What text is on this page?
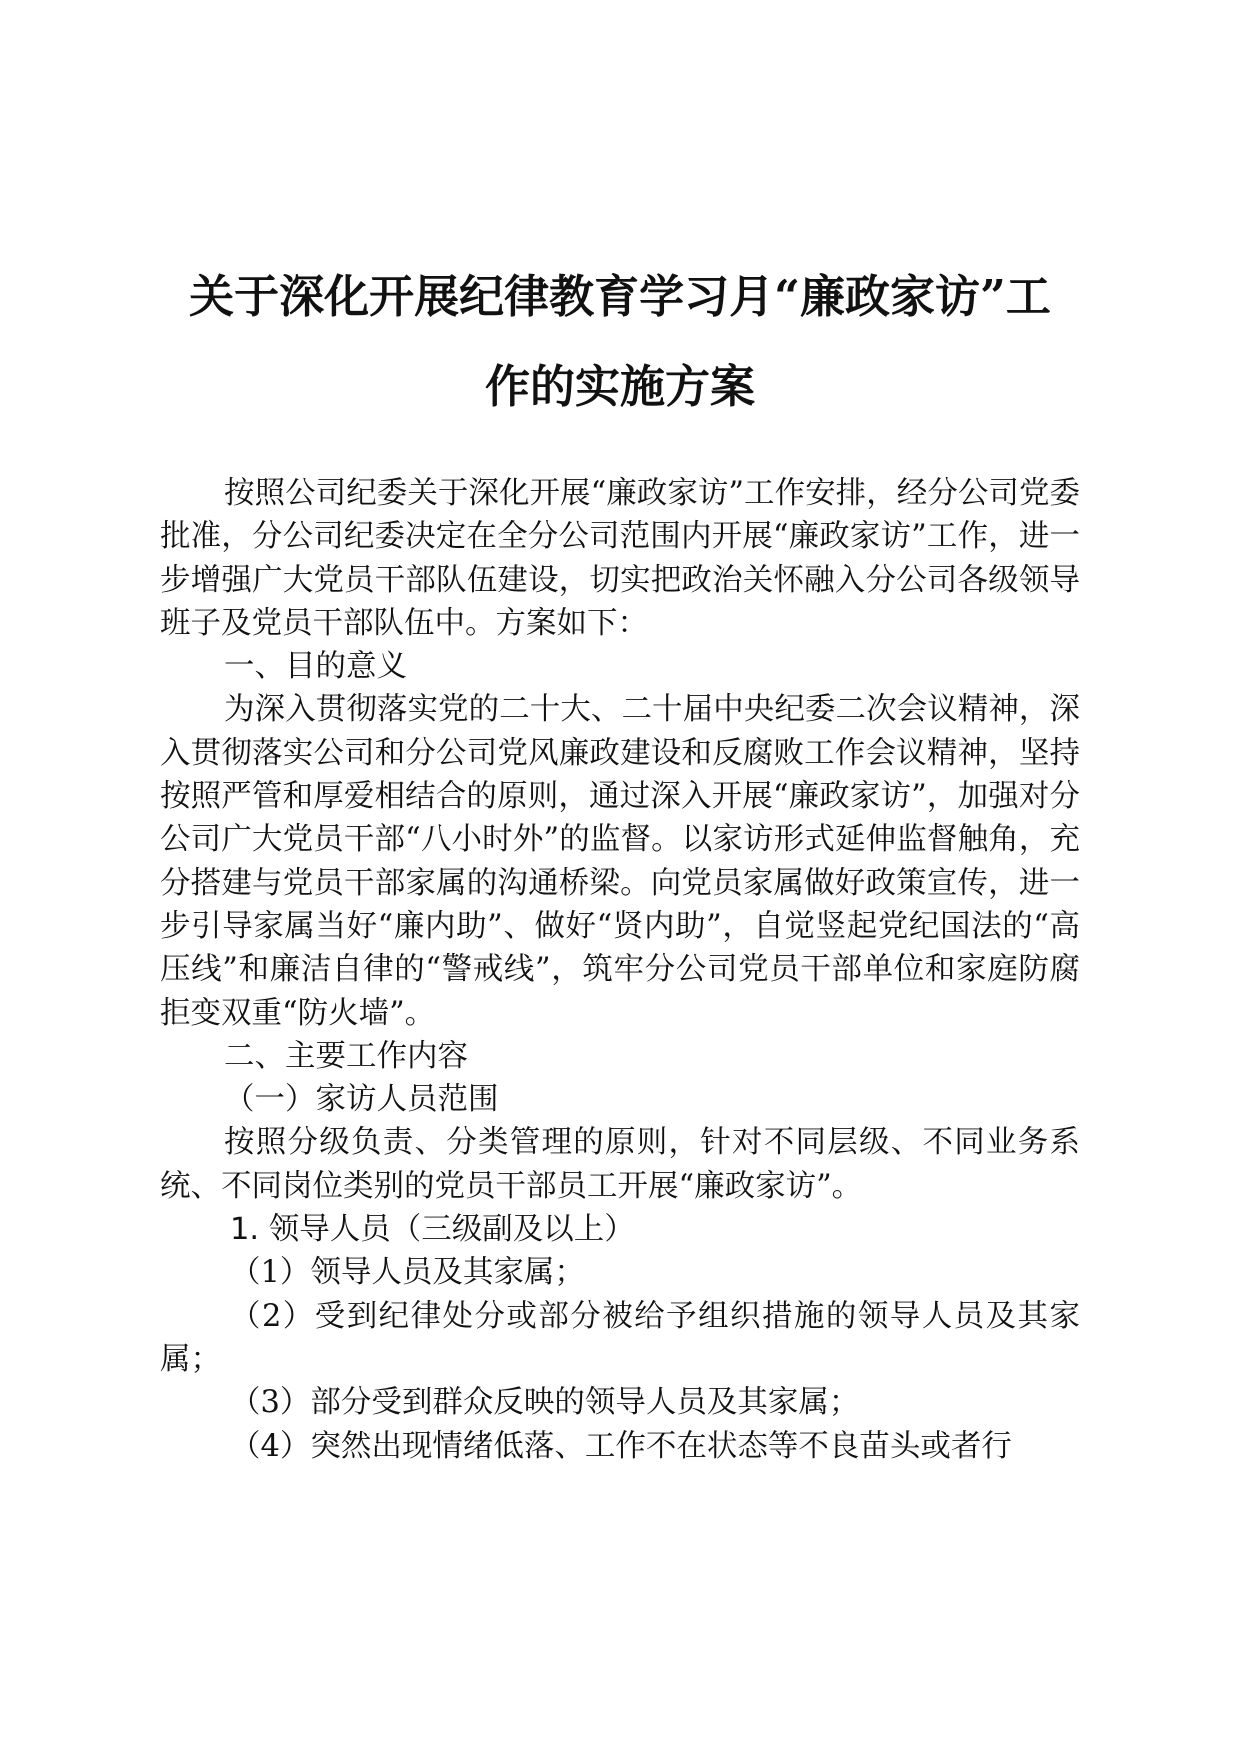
关于深化开展纪律教育学习月“廉政家访”工
作的实施方案

按照公司纪委关于深化开展“廉政家访”工作安排，经分公司党委批准，分公司纪委决定在全分公司范围内开展“廉政家访”工作，进一步增强广大党员干部队伍建设，切实把政治关怀融入分公司各级领导班子及党员干部队伍中。方案如下：

一、目的意义

为深入贯彻落实党的二十大、二十届中央纪委二次会议精神，深入贯彻落实公司和分公司党风廉政建设和反腐败工作会议精神，坚持按照严管和厚爱相结合的原则，通过深入开展“廉政家访”，加强对分公司广大党员干部“八小时外”的监督。以家访形式延伸监督触角，充分搭建与党员干部家属的沟通桥梁。向党员家属做好政策宣传，进一步引导家属当好“廉内助”、做好“贤内助”，自觉竖起党纪国法的“高压线”和廉洁自律的“警戒线”，筑牢分公司党员干部单位和家庭防腐拒变双重“防火墙”。

二、主要工作内容

（一）家访人员范围

按照分级负责、分类管理的原则，针对不同层级、不同业务系统、不同岗位类别的党员干部员工开展“廉政家访”。

1. 领导人员（三级副及以上）

（1）领导人员及其家属；

（2）受到纪律处分或部分被给予组织措施的领导人员及其家属；

（3）部分受到群众反映的领导人员及其家属；

（4）突然出现情绪低落、工作不在状态等不良苗头或者行
